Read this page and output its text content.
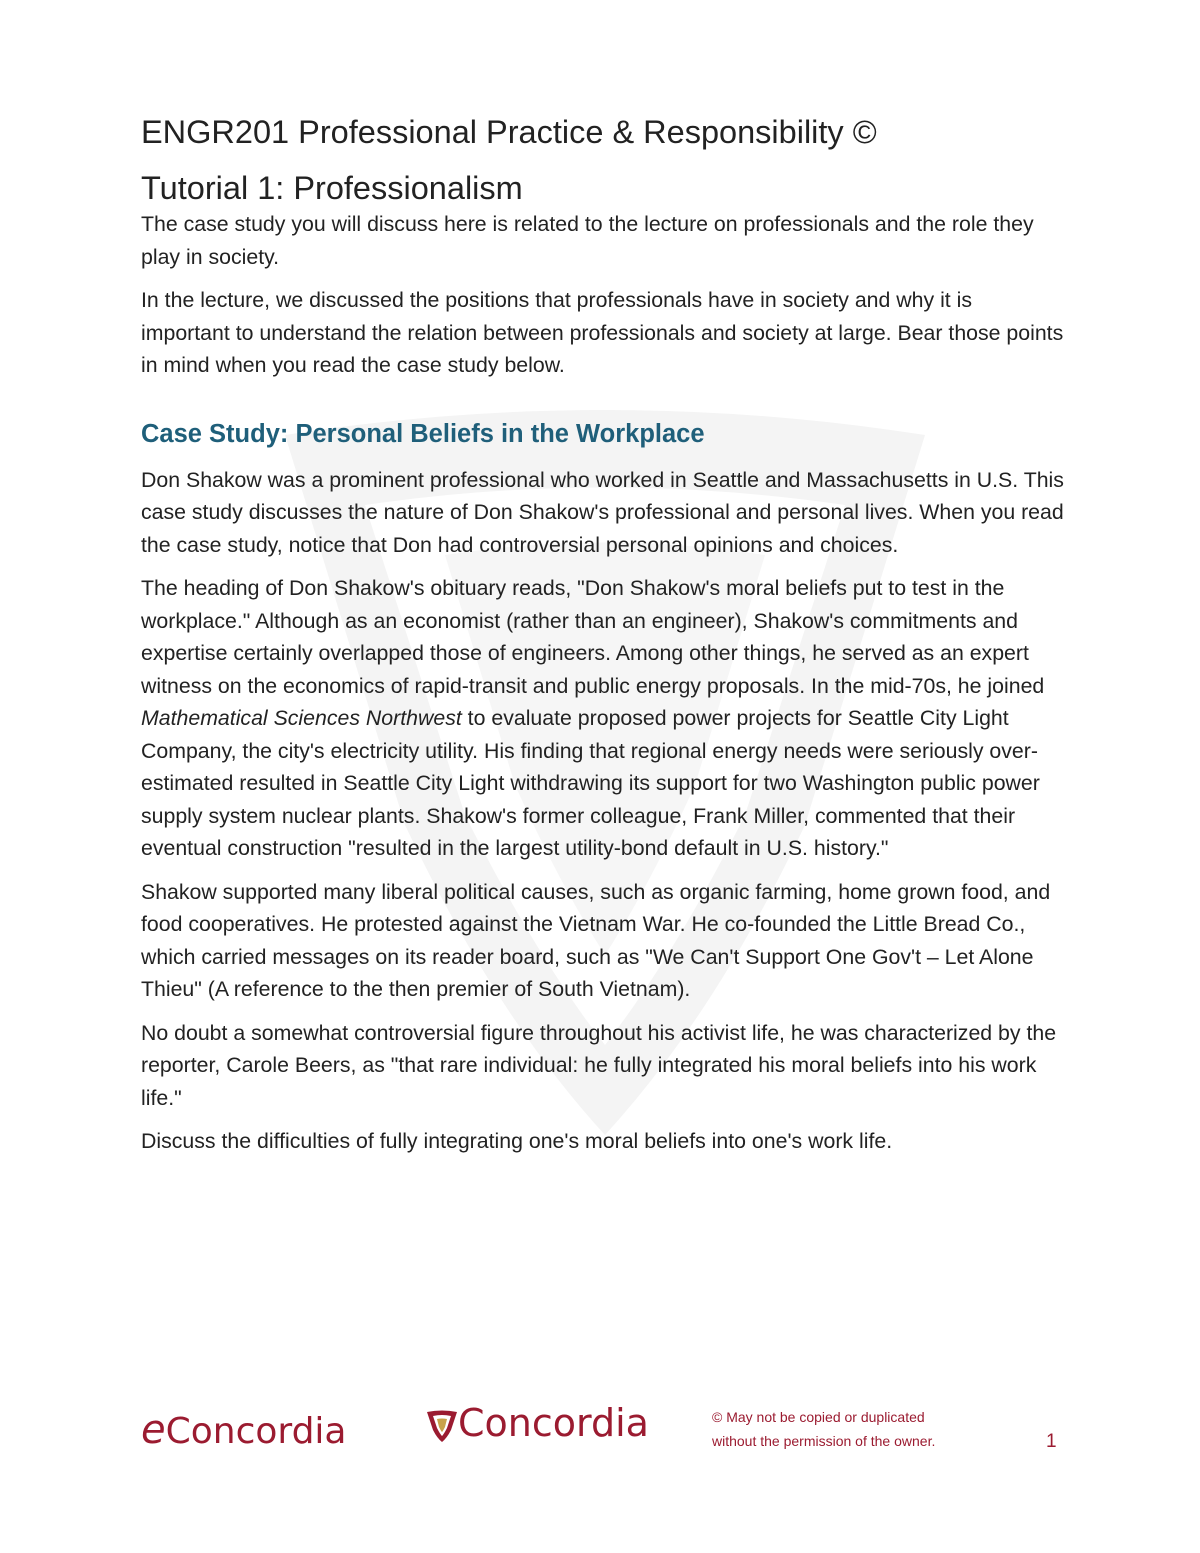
ENGR201 Professional Practice & Responsibility ©
Tutorial 1: Professionalism

The case study you will discuss here is related to the lecture on professionals and the role they play in society.

In the lecture, we discussed the positions that professionals have in society and why it is important to understand the relation between professionals and society at large. Bear those points in mind when you read the case study below.

Case Study: Personal Beliefs in the Workplace

Don Shakow was a prominent professional who worked in Seattle and Massachusetts in U.S. This case study discusses the nature of Don Shakow's professional and personal lives. When you read the case study, notice that Don had controversial personal opinions and choices.

The heading of Don Shakow's obituary reads, "Don Shakow's moral beliefs put to test in the workplace." Although as an economist (rather than an engineer), Shakow's commitments and expertise certainly overlapped those of engineers. Among other things, he served as an expert witness on the economics of rapid-transit and public energy proposals. In the mid-70s, he joined Mathematical Sciences Northwest to evaluate proposed power projects for Seattle City Light Company, the city's electricity utility. His finding that regional energy needs were seriously over-estimated resulted in Seattle City Light withdrawing its support for two Washington public power supply system nuclear plants. Shakow's former colleague, Frank Miller, commented that their eventual construction "resulted in the largest utility-bond default in U.S. history."

Shakow supported many liberal political causes, such as organic farming, home grown food, and food cooperatives. He protested against the Vietnam War. He co-founded the Little Bread Co., which carried messages on its reader board, such as "We Can't Support One Gov't – Let Alone Thieu" (A reference to the then premier of South Vietnam).

No doubt a somewhat controversial figure throughout his activist life, he was characterized by the reporter, Carole Beers, as "that rare individual: he fully integrated his moral beliefs into his work life."

Discuss the difficulties of fully integrating one's moral beliefs into one's work life.

eConcordia	Concordia	© May not be copied or duplicated
without the permission of the owner.	1
